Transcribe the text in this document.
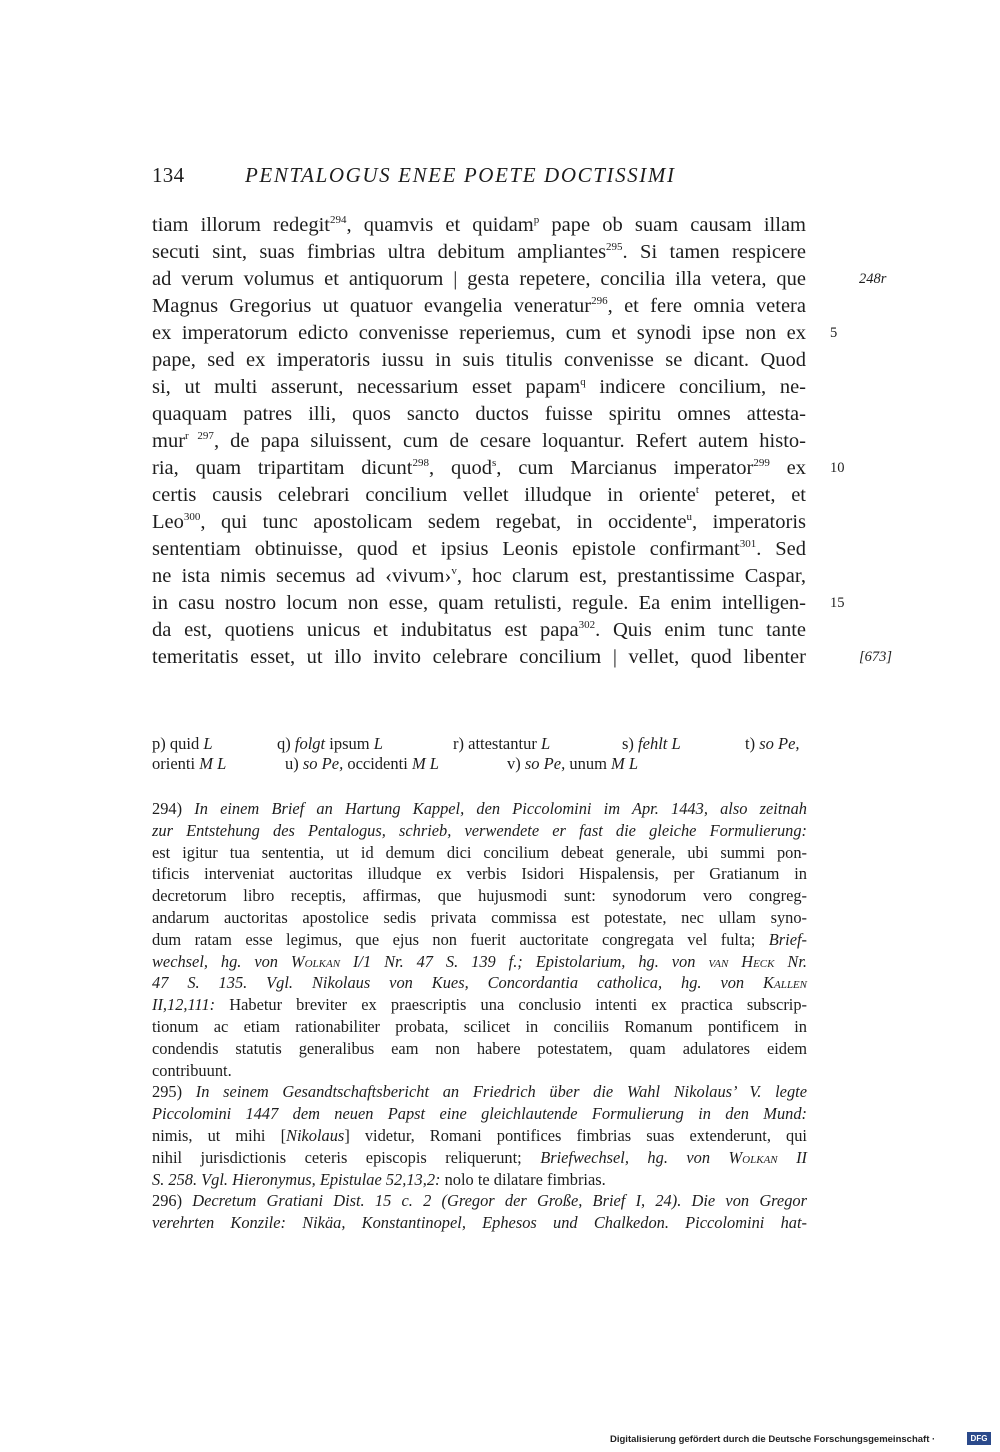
134	PENTALOGUS ENEE POETE DOCTISSIMI
tiam illorum redegit$^{294}$, quamvis et quidam$^p$ pape ob suam causam illam
secuti sint, suas fimbrias ultra debitum ampliantes$^{295}$. Si tamen respicere
ad verum volumus et antiquorum | gesta repetere, concilia illa vetera, que
Magnus Gregorius ut quatuor evangelia veneratur$^{296}$, et fere omnia vetera
ex imperatorum edicto convenisse reperiemus, cum et synodi ipse non ex
pape, sed ex imperatoris iussu in suis titulis convenisse se dicant. Quod
si, ut multi asserunt, necessarium esset papam$^q$ indicere concilium, ne-
quaquam patres illi, quos sancto ductos fuisse spiritu omnes attesta-
mur$^{r 297}$, de papa siluissent, cum de cesare loquantur. Refert autem histo-
ria, quam tripartitam dicunt$^{298}$, quod$^s$, cum Marcianus imperator$^{299}$ ex
certis causis celebrari concilium vellet illudque in oriente$^t$ peteret, et
Leo$^{300}$, qui tunc apostolicam sedem regebat, in occidente$^u$, imperatoris
sententiam obtinuisse, quod et ipsius Leonis epistole confirmant$^{301}$. Sed
ne ista nimis secemus ad ‹vivum›$^v$, hoc clarum est, prestantissime Caspar,
in casu nostro locum non esse, quam retulisti, regule. Ea enim intelligen-
da est, quotiens unicus et indubitatus est papa$^{302}$. Quis enim tunc tante
temeritatis esset, ut illo invito celebrare concilium | vellet, quod libenter
248r
5
10
15
[673]
p) quid L	q) folgt ipsum L	r) attestantur L	s) fehlt L	t) so Pe,
orienti M L	u) so Pe, occidenti M L	v) so Pe, unum M L
294) In einem Brief an Hartung Kappel, den Piccolomini im Apr. 1443, also zeitnah
zur Entstehung des Pentalogus, schrieb, verwendete er fast die gleiche Formulierung:
est igitur tua sententia, ut id demum dici concilium debeat generale, ubi summi pon-
tificis interveniat auctoritas illudque ex verbis Isidori Hispalensis, per Gratianum in
decretorum libro receptis, affirmas, que hujusmodi sunt: synodorum vero congreg-
andarum auctoritas apostolice sedis privata commissa est potestate, nec ullam syno-
dum ratam esse legimus, que ejus non fuerit auctoritate congregata vel fulta; Brief-
wechsel, hg. von Wolkan I/1 Nr. 47 S. 139 f.; Epistolarium, hg. von van Heck Nr.
47 S. 135. Vgl. Nikolaus von Kues, Concordantia catholica, hg. von Kallen
II,12,111: Habetur breviter ex praescriptis una conclusio intenti ex practica subscrip-
tionum ac etiam rationabiliter probata, scilicet in conciliis Romanum pontificem in
condendis statutis generalibus eam non habere potestatem, quam adulatores eidem
contribuunt.
295) In seinem Gesandtschaftsbericht an Friedrich über die Wahl Nikolaus’ V. legte
Piccolomini 1447 dem neuen Papst eine gleichlautende Formulierung in den Mund:
nimis, ut mihi [Nikolaus] videtur, Romani pontifices fimbrias suas extenderunt, qui
nihil jurisdictionis ceteris episcopis reliquerunt; Briefwechsel, hg. von Wolkan II
S. 258. Vgl. Hieronymus, Epistulae 52,13,2: nolo te dilatare fimbrias.
296) Decretum Gratiani Dist. 15 c. 2 (Gregor der Große, Brief I, 24). Die von Gregor
verehrten Konzile: Nikäa, Konstantinopel, Ephesos und Chalkedon. Piccolomini hat-
Digitalisierung gefördert durch die Deutsche Forschungsgemeinschaft ·	DFG
